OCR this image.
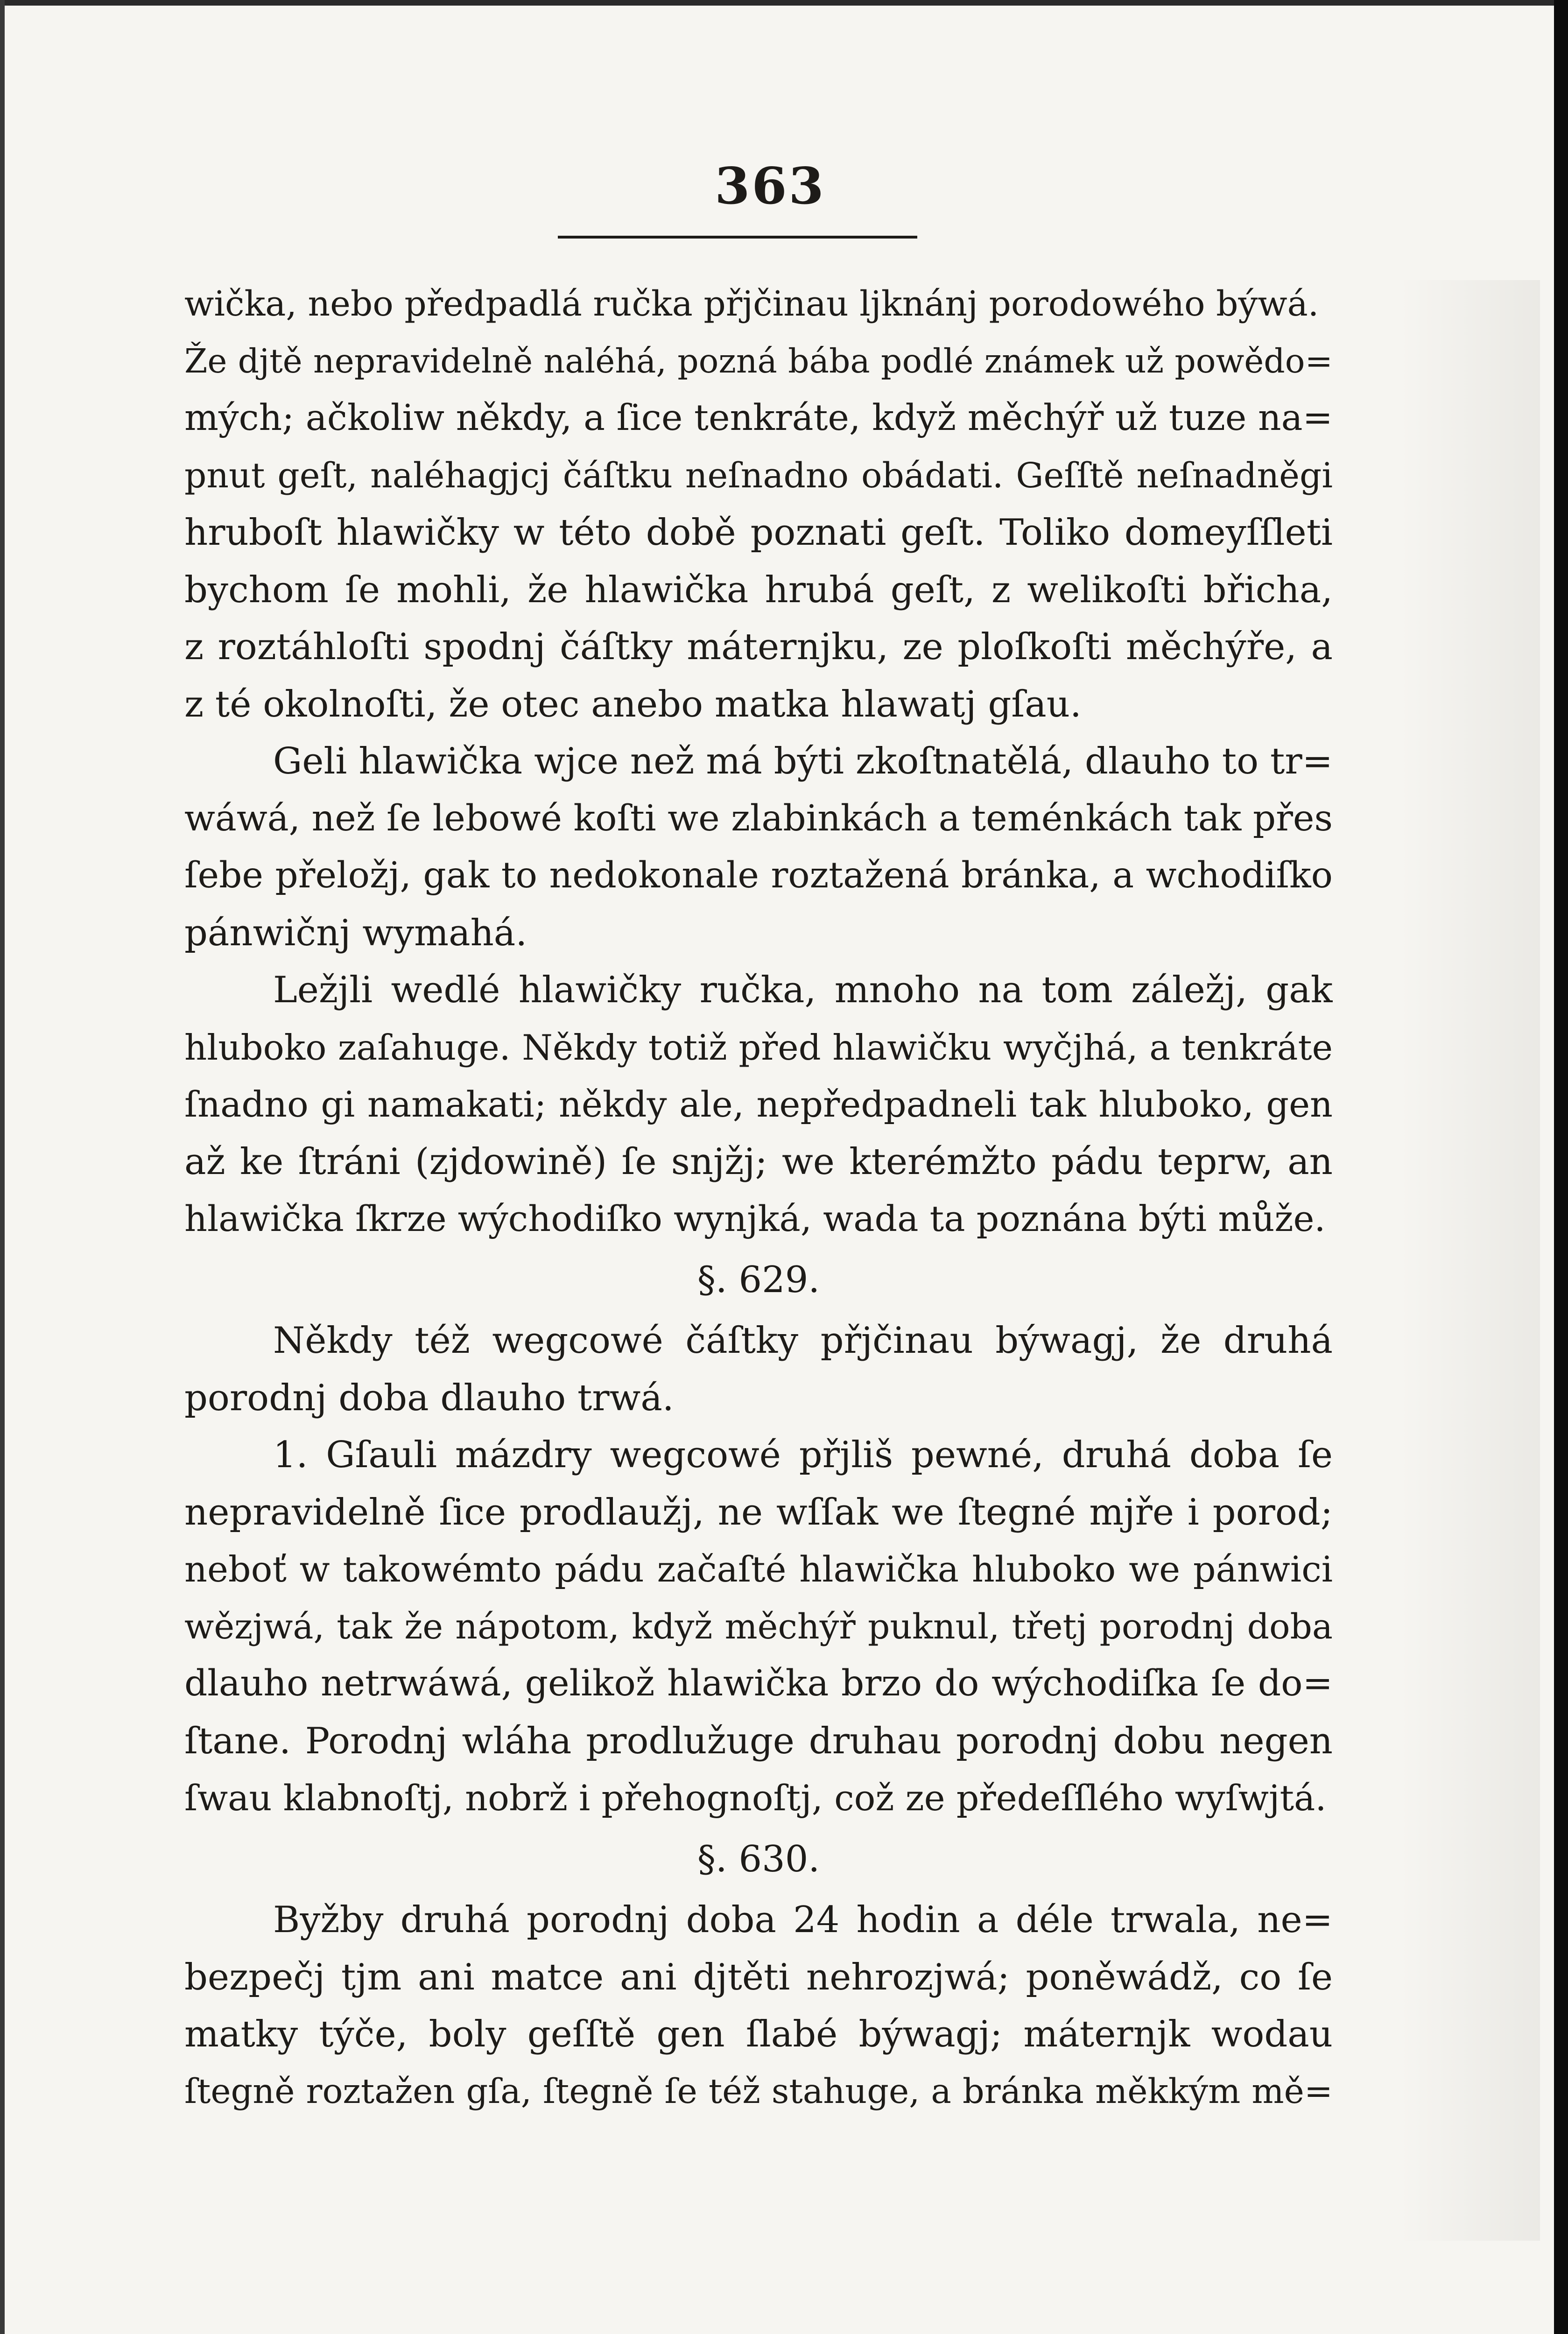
363
wička, nebo předpadlá ručka přjčinau ljknánj porodowého býwá.
Že djtě nepravidelně naléhá, pozná bába podlé známek už powědo=
mých; ačkoliw někdy, a ſice tenkráte, když měchýř už tuze na=
pnut geſt, naléhagjcj čáſtku neſnadno obádati. Geſſtě neſnadněgi
hruboſt hlawičky w této době poznati geſt. Toliko domeyſſleti
bychom ſe mohli, že hlawička hrubá geſt, z welikoſti břicha,
z roztáhloſti spodnj čáſtky máternjku, ze ploſkoſti měchýře, a
z té okolnoſti, že otec anebo matka hlawatj gſau.
Geli hlawička wjce než má býti zkoſtnatělá, dlauho to tr=
wáwá, než ſe lebowé koſti we zlabinkách a teménkách tak přes
ſebe přeložj, gak to nedokonale roztažená bránka, a wchodiſko
pánwičnj wymahá.
Ležjli wedlé hlawičky ručka, mnoho na tom záležj, gak
hluboko zaſahuge. Někdy totiž před hlawičku wyčjhá, a tenkráte
ſnadno gi namakati; někdy ale, nepředpadneli tak hluboko, gen
až ke ſtráni (zjdowině) ſe snjžj; we kterémžto pádu teprw, an
hlawička ſkrze wýchodiſko wynjká, wada ta poznána býti může.
§. 629.
Někdy též wegcowé čáſtky přjčinau býwagj, že druhá
porodnj doba dlauho trwá.
1. Gſauli mázdry wegcowé přjliš pewné, druhá doba ſe
nepravidelně ſice prodlaužj, ne wſſak we ſtegné mjře i porod;
neboť w takowémto pádu začaſté hlawička hluboko we pánwici
wězjwá, tak že nápotom, když měchýř puknul, třetj porodnj doba
dlauho netrwáwá, gelikož hlawička brzo do wýchodiſka ſe do=
ſtane. Porodnj wláha prodlužuge druhau porodnj dobu negen
ſwau klabnoſtj, nobrž i přehognoſtj, což ze předeſſlého wyſwjtá.
§. 630.
Byžby druhá porodnj doba 24 hodin a déle trwala, ne=
bezpečj tjm ani matce ani djtěti nehrozjwá; poněwádž, co ſe
matky týče, boly geſſtě gen ſlabé býwagj; máternjk wodau
ſtegně roztažen gſa, ſtegně ſe též stahuge, a bránka měkkým mě=
